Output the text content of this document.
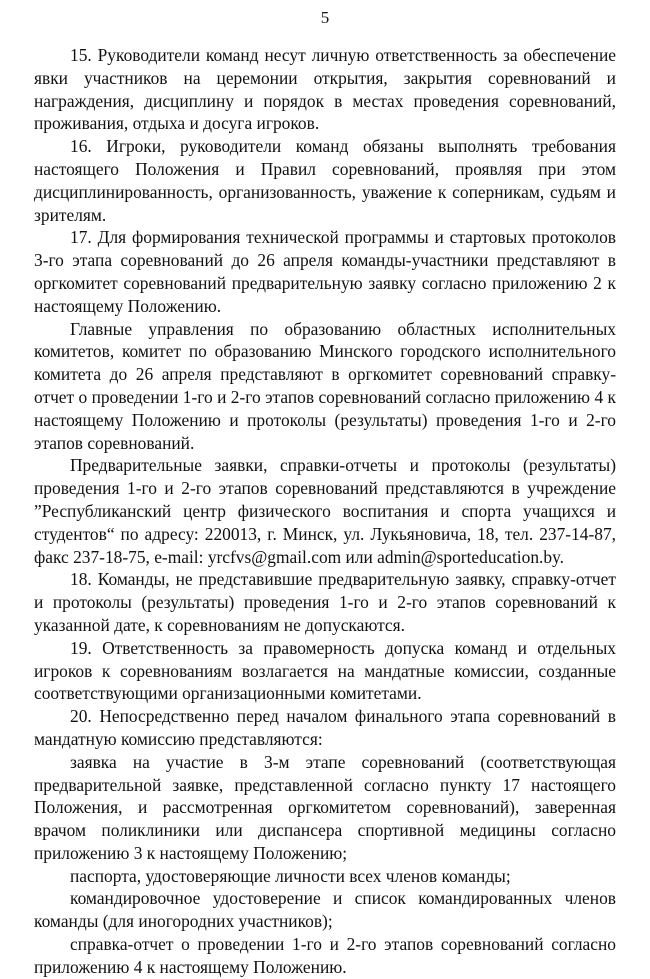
5

15. Руководители команд несут личную ответственность за обеспечение явки участников на церемонии открытия, закрытия соревнований и награждения, дисциплину и порядок в местах проведения соревнований, проживания, отдыха и досуга игроков.

16. Игроки, руководители команд обязаны выполнять требования настоящего Положения и Правил соревнований, проявляя при этом дисциплинированность, организованность, уважение к соперникам, судьям и зрителям.

17. Для формирования технической программы и стартовых протоколов 3-го этапа соревнований до 26 апреля команды-участники представляют в оргкомитет соревнований предварительную заявку согласно приложению 2 к настоящему Положению.

Главные управления по образованию областных исполнительных комитетов, комитет по образованию Минского городского исполнительного комитета до 26 апреля представляют в оргкомитет соревнований справку-отчет о проведении 1-го и 2-го этапов соревнований согласно приложению 4 к настоящему Положению и протоколы (результаты) проведения 1-го и 2-го этапов соревнований.

Предварительные заявки, справки-отчеты и протоколы (результаты) проведения 1-го и 2-го этапов соревнований представляются в учреждение ”Республиканский центр физического воспитания и спорта учащихся и студентов“ по адресу: 220013, г. Минск, ул. Лукьяновича, 18, тел. 237-14-87, факс 237-18-75, e-mail: yrcfvs@gmail.com или admin@sporteducation.by.

18. Команды, не представившие предварительную заявку, справку-отчет и протоколы (результаты) проведения 1-го и 2-го этапов соревнований к указанной дате, к соревнованиям не допускаются.

19. Ответственность за правомерность допуска команд и отдельных игроков к соревнованиям возлагается на мандатные комиссии, созданные соответствующими организационными комитетами.

20. Непосредственно перед началом финального этапа соревнований в мандатную комиссию представляются:

заявка на участие в 3-м этапе соревнований (соответствующая предварительной заявке, представленной согласно пункту 17 настоящего Положения, и рассмотренная оргкомитетом соревнований), заверенная врачом поликлиники или диспансера спортивной медицины согласно приложению 3 к настоящему Положению;

паспорта, удостоверяющие личности всех членов команды;

командировочное удостоверение и список командированных членов команды (для иногородних участников);

справка-отчет о проведении 1-го и 2-го этапов соревнований согласно приложению 4 к настоящему Положению.
